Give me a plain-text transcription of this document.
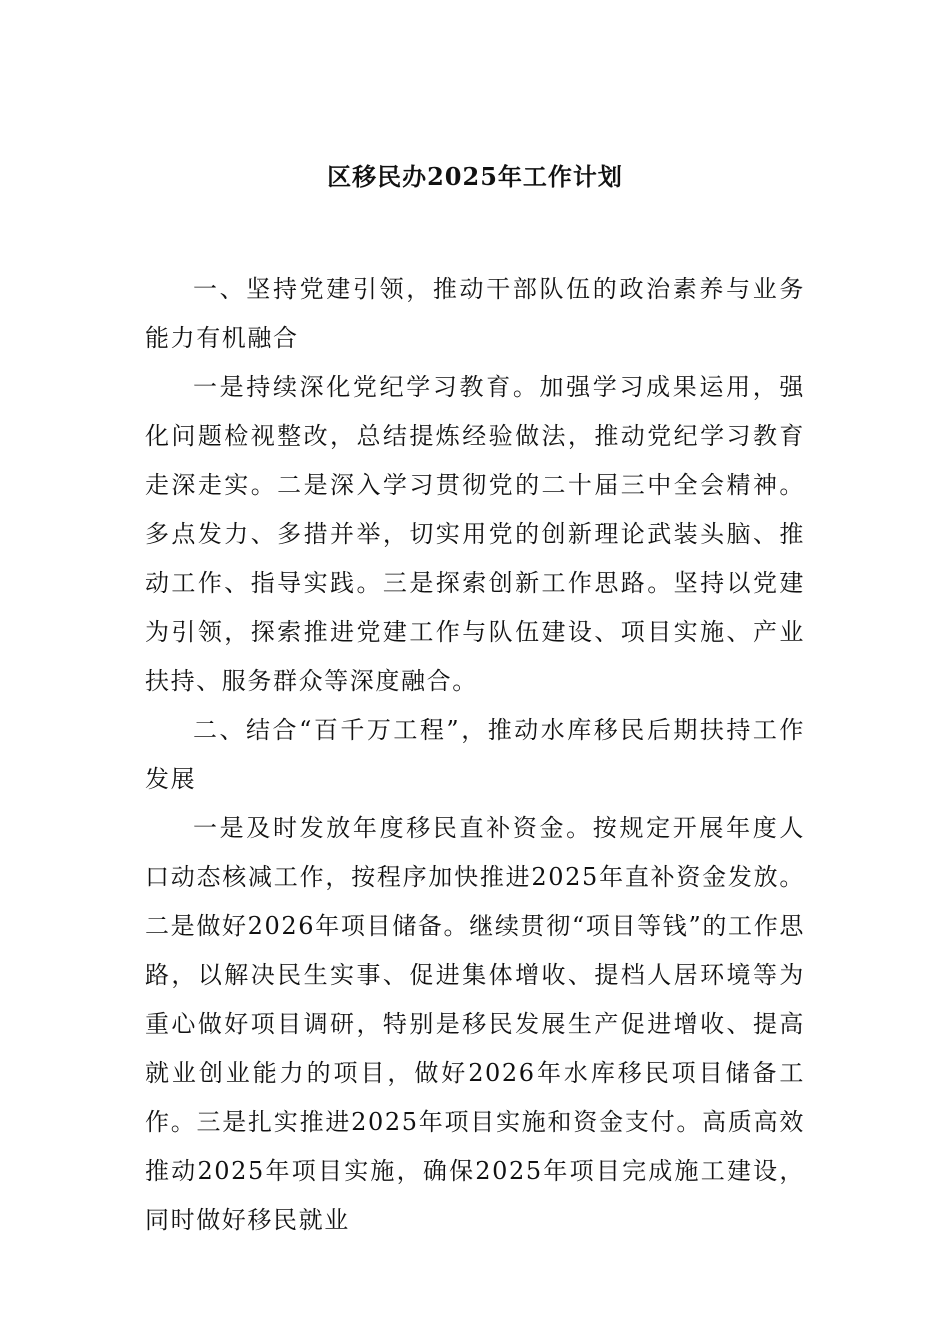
区移民办2025年工作计划

一、坚持党建引领，推动干部队伍的政治素养与业务能力有机融合

一是持续深化党纪学习教育。加强学习成果运用，强化问题检视整改，总结提炼经验做法，推动党纪学习教育走深走实。二是深入学习贯彻党的二十届三中全会精神。多点发力、多措并举，切实用党的创新理论武装头脑、推动工作、指导实践。三是探索创新工作思路。坚持以党建为引领，探索推进党建工作与队伍建设、项目实施、产业扶持、服务群众等深度融合。

二、结合“百千万工程”，推动水库移民后期扶持工作发展

一是及时发放年度移民直补资金。按规定开展年度人口动态核减工作，按程序加快推进2025年直补资金发放。二是做好2026年项目储备。继续贯彻“项目等钱”的工作思路，以解决民生实事、促进集体增收、提档人居环境等为重心做好项目调研，特别是移民发展生产促进增收、提高就业创业能力的项目，做好2026年水库移民项目储备工作。三是扎实推进2025年项目实施和资金支付。高质高效推动2025年项目实施，确保2025年项目完成施工建设，同时做好移民就业
